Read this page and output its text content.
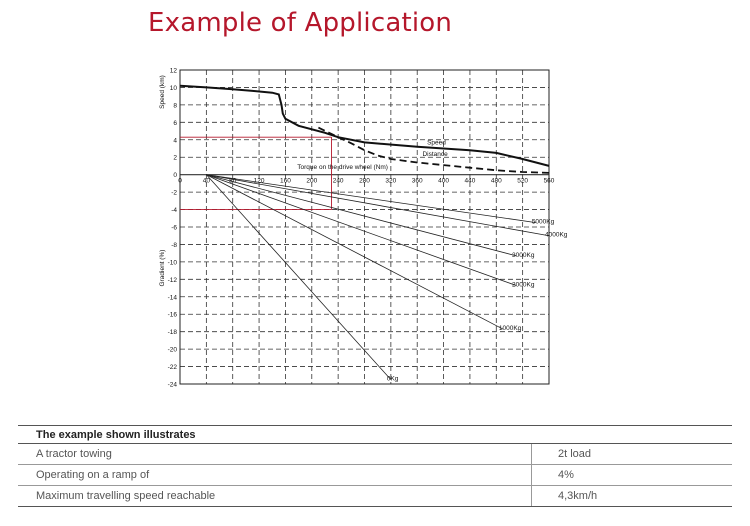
Example of Application
0Kg
1000Kg
2000Kg
3000Kg
4000Kg
5000Kg
Speed
Distance
0	40	80	120 160 200 240 280 320 360 400 440 480 520 560
0
2
4
6
8
10
12
-2
-4
-6
-8
-10
-12
-14
-16
-18
-20
-22
-24
Torque on the drive wheel (Nm)
Speed (km)
Gradient (%)
The example shown illustrates	
A tractor towing	2t load
Operating on a ramp of	4%
Maximum travelling speed reachable	4,3km/h
